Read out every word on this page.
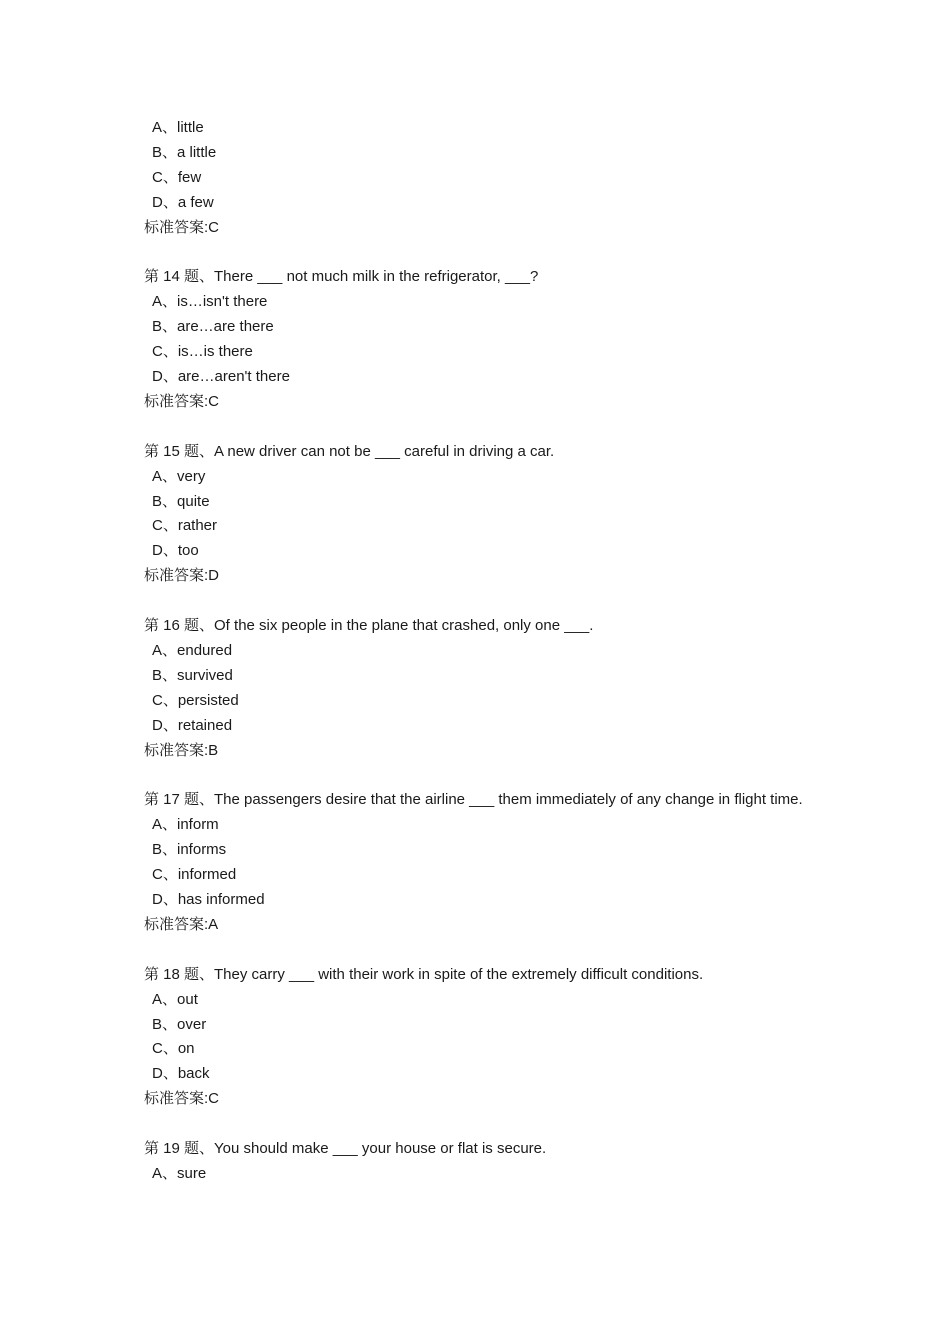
A、little
B、a little
C、few
D、a few
标准答案:C
第 14 题、There ___ not much milk in the refrigerator, ___?
A、is…isn't there
B、are…are there
C、is…is there
D、are…aren't there
标准答案:C
第 15 题、A new driver can not be ___ careful in driving a car.
A、very
B、quite
C、rather
D、too
标准答案:D
第 16 题、Of the six people in the plane that crashed, only one ___.
A、endured
B、survived
C、persisted
D、retained
标准答案:B
第 17 题、The passengers desire that the airline ___ them immediately of any change in flight time.
A、inform
B、informs
C、informed
D、has informed
标准答案:A
第 18 题、They carry ___ with their work in spite of the extremely difficult conditions.
A、out
B、over
C、on
D、back
标准答案:C
第 19 题、You should make ___ your house or flat is secure.
A、sure
